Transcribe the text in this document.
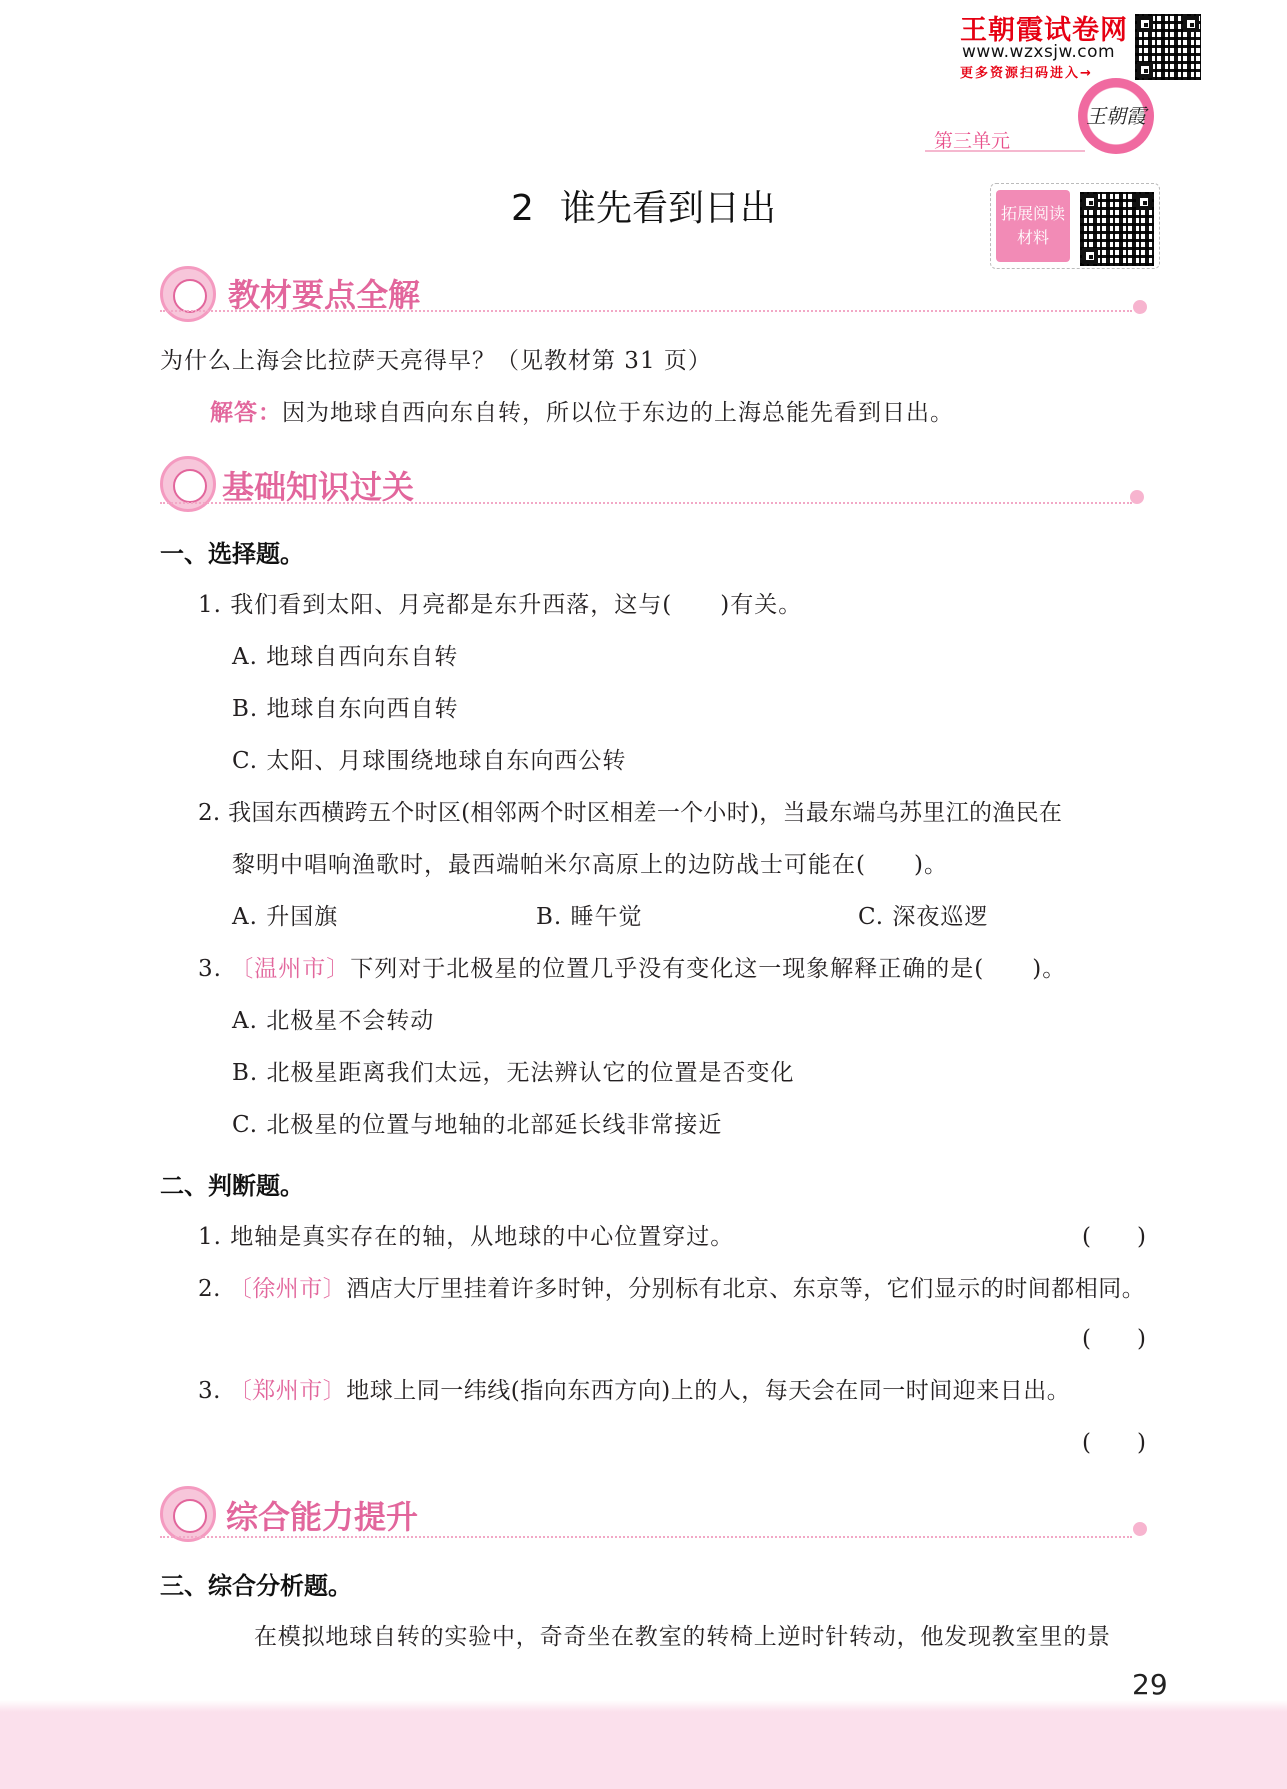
王朝霞试卷网
www.wzxsjw.com
更多资源扫码进入→
王朝霞
第三单元
2 谁先看到日出	拓展阅读
材料
教材要点全解
为什么上海会比拉萨天亮得早？（见教材第 31 页）
解答：因为地球自西向东自转，所以位于东边的上海总能先看到日出。
基础知识过关
一、选择题。
1. 我们看到太阳、月亮都是东升西落，这与(　　)有关。
A. 地球自西向东自转
B. 地球自东向西自转
C. 太阳、月球围绕地球自东向西公转
2. 我国东西横跨五个时区(相邻两个时区相差一个小时)，当最东端乌苏里江的渔民在
黎明中唱响渔歌时，最西端帕米尔高原上的边防战士可能在(　　)。
A. 升国旗	B. 睡午觉	C. 深夜巡逻
3. 〔温州市〕下列对于北极星的位置几乎没有变化这一现象解释正确的是(　　)。
A. 北极星不会转动
B. 北极星距离我们太远，无法辨认它的位置是否变化
C. 北极星的位置与地轴的北部延长线非常接近
二、判断题。
1. 地轴是真实存在的轴，从地球的中心位置穿过。	(　　)
2. 〔徐州市〕酒店大厅里挂着许多时钟，分别标有北京、东京等，它们显示的时间都相同。
(　　)
3. 〔郑州市〕地球上同一纬线(指向东西方向)上的人，每天会在同一时间迎来日出。
(　　)
综合能力提升
三、综合分析题。
在模拟地球自转的实验中，奇奇坐在教室的转椅上逆时针转动，他发现教室里的景
29
